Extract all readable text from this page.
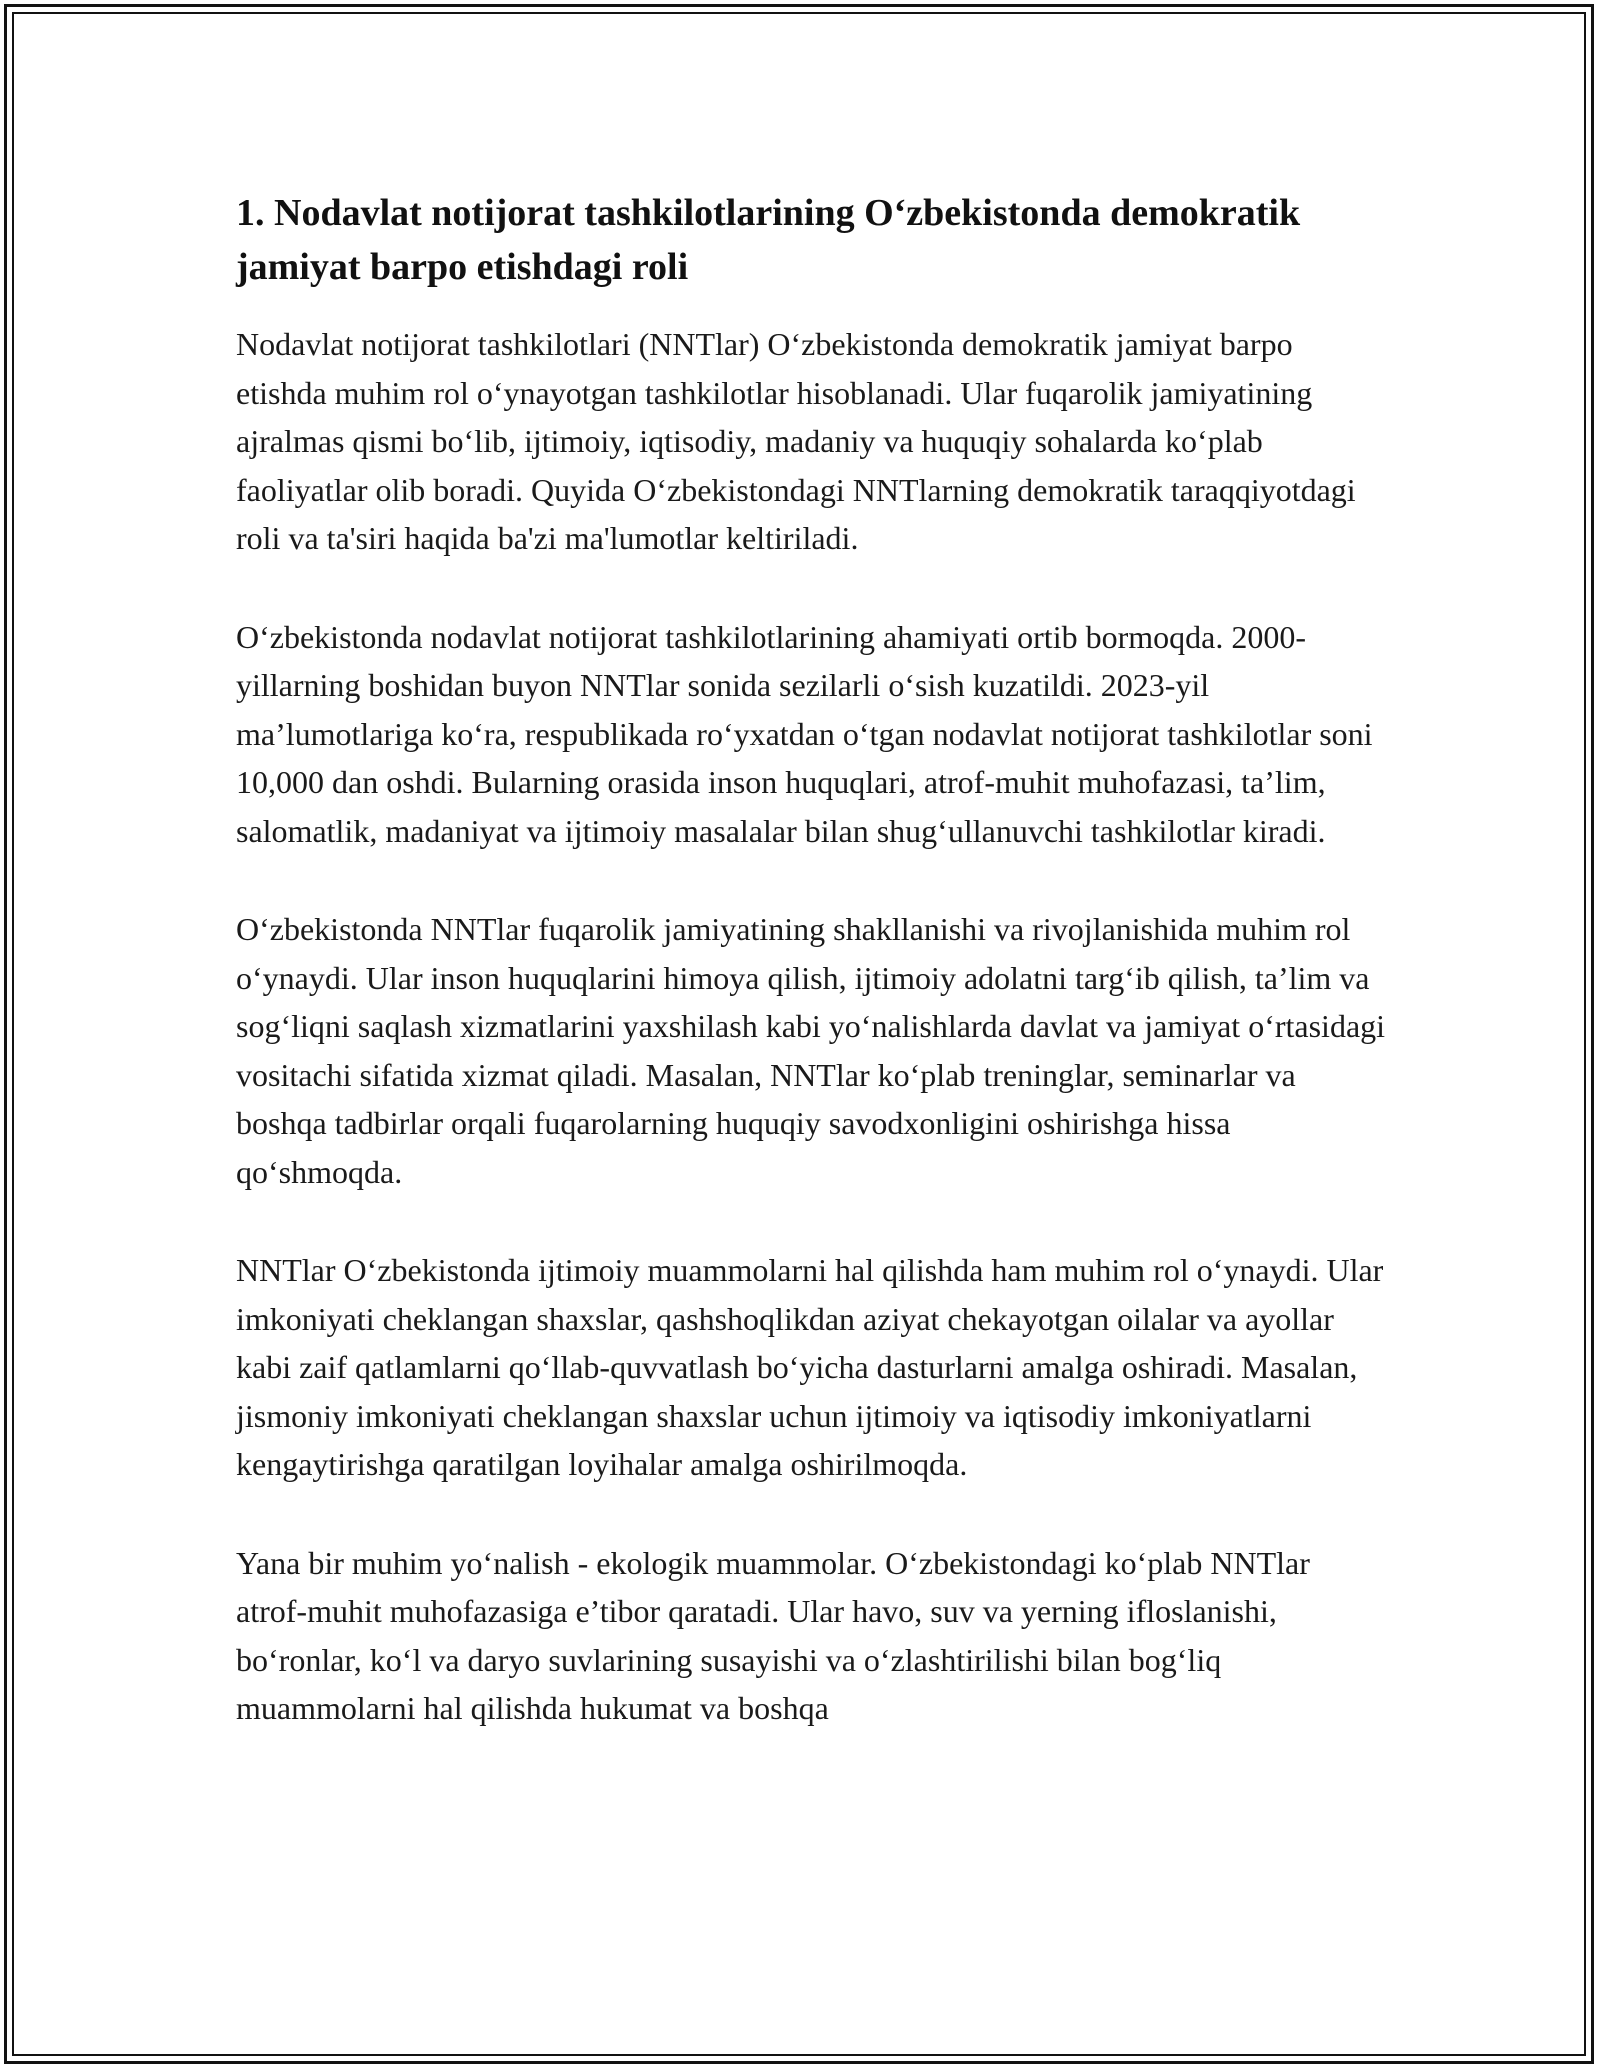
1. Nodavlat notijorat tashkilotlarining O‘zbekistonda demokratik jamiyat barpo etishdagi roli

Nodavlat notijorat tashkilotlari (NNTlar) O‘zbekistonda demokratik jamiyat barpo etishda muhim rol o‘ynayotgan tashkilotlar hisoblanadi. Ular fuqarolik jamiyatining ajralmas qismi bo‘lib, ijtimoiy, iqtisodiy, madaniy va huquqiy sohalarda ko‘plab faoliyatlar olib boradi. Quyida O‘zbekistondagi NNTlarning demokratik taraqqiyotdagi roli va ta'siri haqida ba'zi ma'lumotlar keltiriladi.

O‘zbekistonda nodavlat notijorat tashkilotlarining ahamiyati ortib bormoqda. 2000-yillarning boshidan buyon NNTlar sonida sezilarli o‘sish kuzatildi. 2023-yil ma’lumotlariga ko‘ra, respublikada ro‘yxatdan o‘tgan nodavlat notijorat tashkilotlar soni 10,000 dan oshdi. Bularning orasida inson huquqlari, atrof-muhit muhofazasi, ta’lim, salomatlik, madaniyat va ijtimoiy masalalar bilan shug‘ullanuvchi tashkilotlar kiradi.

O‘zbekistonda NNTlar fuqarolik jamiyatining shakllanishi va rivojlanishida muhim rol o‘ynaydi. Ular inson huquqlarini himoya qilish, ijtimoiy adolatni targ‘ib qilish, ta’lim va sog‘liqni saqlash xizmatlarini yaxshilash kabi yo‘nalishlarda davlat va jamiyat o‘rtasidagi vositachi sifatida xizmat qiladi. Masalan, NNTlar ko‘plab treninglar, seminarlar va boshqa tadbirlar orqali fuqarolarning huquqiy savodxonligini oshirishga hissa qo‘shmoqda.

NNTlar O‘zbekistonda ijtimoiy muammolarni hal qilishda ham muhim rol o‘ynaydi. Ular imkoniyati cheklangan shaxslar, qashshoqlikdan aziyat chekayotgan oilalar va ayollar kabi zaif qatlamlarni qo‘llab-quvvatlash bo‘yicha dasturlarni amalga oshiradi. Masalan, jismoniy imkoniyati cheklangan shaxslar uchun ijtimoiy va iqtisodiy imkoniyatlarni kengaytirishga qaratilgan loyihalar amalga oshirilmoqda.

Yana bir muhim yo‘nalish - ekologik muammolar. O‘zbekistondagi ko‘plab NNTlar atrof-muhit muhofazasiga e’tibor qaratadi. Ular havo, suv va yerning ifloslanishi, bo‘ronlar, ko‘l va daryo suvlarining susayishi va o‘zlashtirilishi bilan bog‘liq muammolarni hal qilishda hukumat va boshqa
